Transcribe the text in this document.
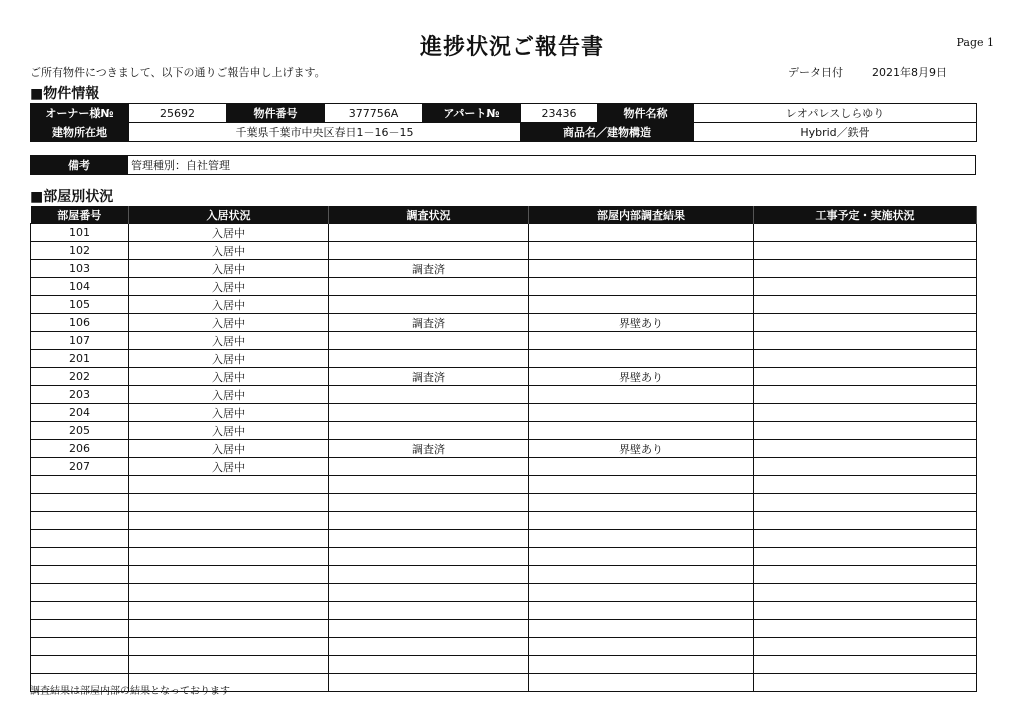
進捗状況ご報告書	Page 1
ご所有物件につきまして、以下の通りご報告申し上げます。	データ日付	2021年8月9日
■物件情報
オーナー様№	25692	物件番号	377756A	アパート№	23436	物件名称	レオパレスしらゆり
建物所在地	千葉県千葉市中央区春日1－16－15				商品名／建物構造		Hybrid／鉄骨
備考	管理種別：自社管理
■部屋別状況
部屋番号	入居状況	調査状況	部屋内部調査結果	工事予定・実施状況
101	入居中			
102	入居中			
103	入居中	調査済		
104	入居中			
105	入居中			
106	入居中	調査済	界壁あり	
107	入居中			
201	入居中			
202	入居中	調査済	界壁あり	
203	入居中			
204	入居中			
205	入居中			
206	入居中	調査済	界壁あり	
207	入居中			

調査結果は部屋内部の結果となっております
